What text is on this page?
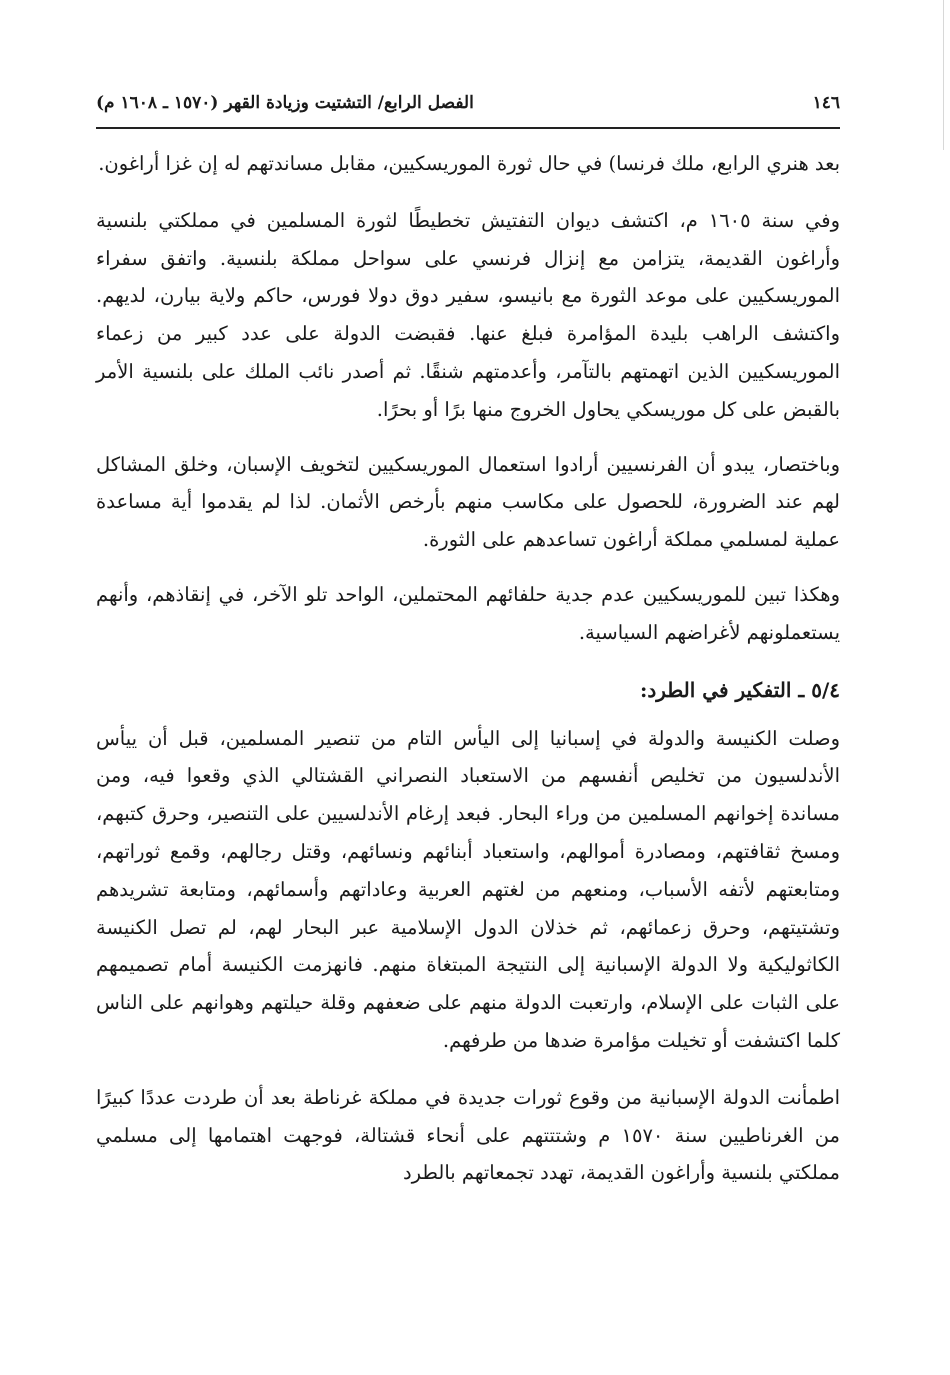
١٤٦
الفصل الرابع/ التشتيت وزيادة القهر (١٥٧٠ ـ ١٦٠٨ م)

بعد هنري الرابع، ملك فرنسا) في حال ثورة الموريسكيين، مقابل مساندتهم له إن غزا أراغون.

وفي سنة ١٦٠٥ م، اكتشف ديوان التفتيش تخطيطًا لثورة المسلمين في مملكتي بلنسية وأراغون القديمة، يتزامن مع إنزال فرنسي على سواحل مملكة بلنسية. واتفق سفراء الموريسكيين على موعد الثورة مع بانيسو، سفير دوق دولا فورس، حاكم ولاية بيارن، لديهم. واكتشف الراهب بليدة المؤامرة فبلغ عنها. فقبضت الدولة على عدد كبير من زعماء الموريسكيين الذين اتهمتهم بالتآمر، وأعدمتهم شنقًا. ثم أصدر نائب الملك على بلنسية الأمر بالقبض على كل موريسكي يحاول الخروج منها برًا أو بحرًا.

وباختصار، يبدو أن الفرنسيين أرادوا استعمال الموريسكيين لتخويف الإسبان، وخلق المشاكل لهم عند الضرورة، للحصول على مكاسب منهم بأرخص الأثمان. لذا لم يقدموا أية مساعدة عملية لمسلمي مملكة أراغون تساعدهم على الثورة.

وهكذا تبين للموريسكيين عدم جدية حلفائهم المحتملين، الواحد تلو الآخر، في إنقاذهم، وأنهم يستعملونهم لأغراضهم السياسية.

٥/٤ ـ التفكير في الطرد:

وصلت الكنيسة والدولة في إسبانيا إلى اليأس التام من تنصير المسلمين، قبل أن ييأس الأندلسيون من تخليص أنفسهم من الاستعباد النصراني القشتالي الذي وقعوا فيه، ومن مساندة إخوانهم المسلمين من وراء البحار. فبعد إرغام الأندلسيين على التنصير، وحرق كتبهم، ومسخ ثقافتهم، ومصادرة أموالهم، واستعباد أبنائهم ونسائهم، وقتل رجالهم، وقمع ثوراتهم، ومتابعتهم لأتفه الأسباب، ومنعهم من لغتهم العربية وعاداتهم وأسمائهم، ومتابعة تشريدهم وتشتيتهم، وحرق زعمائهم، ثم خذلان الدول الإسلامية عبر البحار لهم، لم تصل الكنيسة الكاثوليكية ولا الدولة الإسبانية إلى النتيجة المبتغاة منهم. فانهزمت الكنيسة أمام تصميمهم على الثبات على الإسلام، وارتعبت الدولة منهم على ضعفهم وقلة حيلتهم وهوانهم على الناس كلما اكتشفت أو تخيلت مؤامرة ضدها من طرفهم.

اطمأنت الدولة الإسبانية من وقوع ثورات جديدة في مملكة غرناطة بعد أن طردت عددًا كبيرًا من الغرناطيين سنة ١٥٧٠ م وشتتتهم على أنحاء قشتالة، فوجهت اهتمامها إلى مسلمي مملكتي بلنسية وأراغون القديمة، تهدد تجمعاتهم بالطرد
